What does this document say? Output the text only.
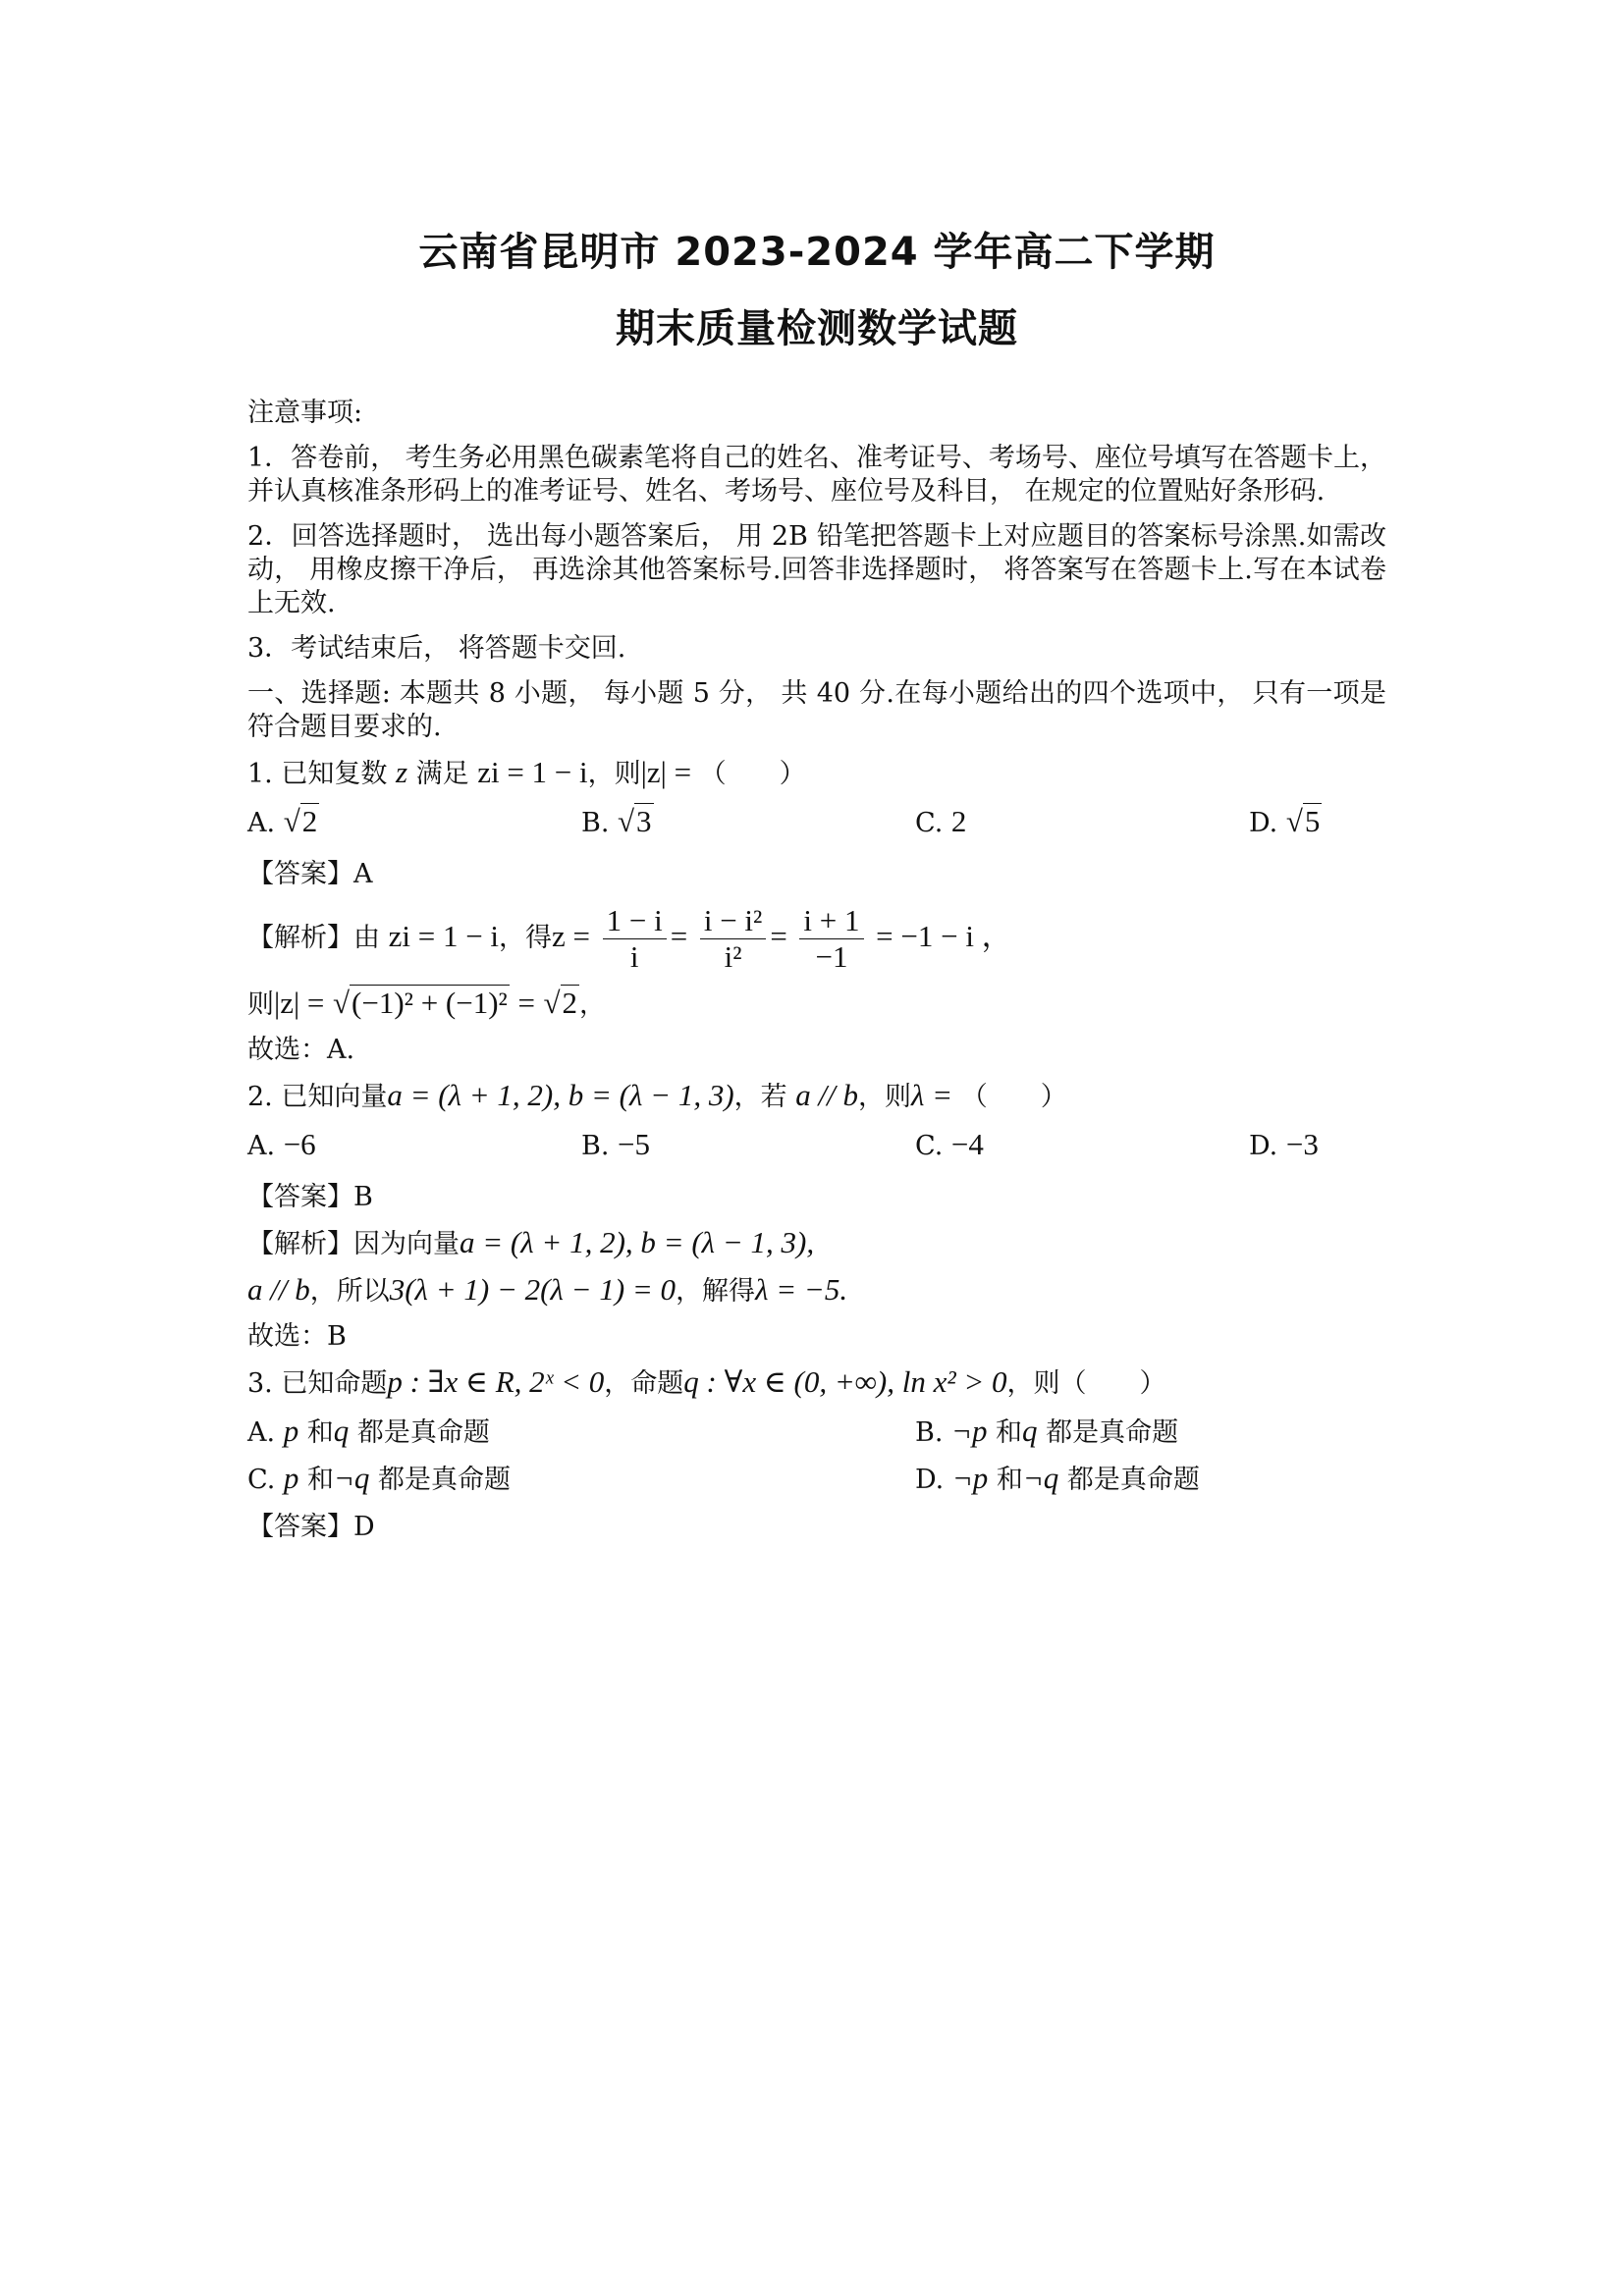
云南省昆明市 2023-2024 学年高二下学期
期末质量检测数学试题

注意事项:

1．答卷前， 考生务必用黑色碳素笔将自己的姓名、准考证号、考场号、座位号填写在答题卡上， 并认真核准条形码上的准考证号、姓名、考场号、座位号及科目， 在规定的位置贴好条形码.

2．回答选择题时， 选出每小题答案后， 用 2B 铅笔把答题卡上对应题目的答案标号涂黑.如需改动， 用橡皮擦干净后， 再选涂其他答案标号.回答非选择题时， 将答案写在答题卡上.写在本试卷上无效.

3．考试结束后， 将答题卡交回.

一、选择题: 本题共 8 小题， 每小题 5 分， 共 40 分.在每小题给出的四个选项中， 只有一项是符合题目要求的.

1. 已知复数 z 满足 zi = 1 − i，则|z| = （　　）

A. √2	B. √3	C. 2	D. √5

【答案】A

【解析】由 zi = 1 − i，得$z = \frac{1 - i}{i} = \frac{\text{i − i²}}{\text{i²}} = \frac{i + 1}{-1} = -1 - i$ ，

则|z| = √(−1)² + (−1)² = √2，

故选：A.

2. 已知向量a = (λ + 1, 2), b = (λ − 1, 3)，若 a // b，则λ = （　　）

A. −6	B. −5	C. −4	D. −3

【答案】B

【解析】因为向量a = (λ + 1, 2), b = (λ − 1, 3),

a // b，所以3(λ + 1) − 2(λ − 1) = 0，解得λ = −5.

故选：B

3. 已知命题p : ∃x ∈ R, 2ˣ < 0，命题q : ∀x ∈ (0, +∞), ln x² > 0，则（　　）

A. p 和q 都是真命题	B. ¬p 和q 都是真命题
C. p 和¬q 都是真命题	D. ¬p 和¬q 都是真命题

【答案】D
